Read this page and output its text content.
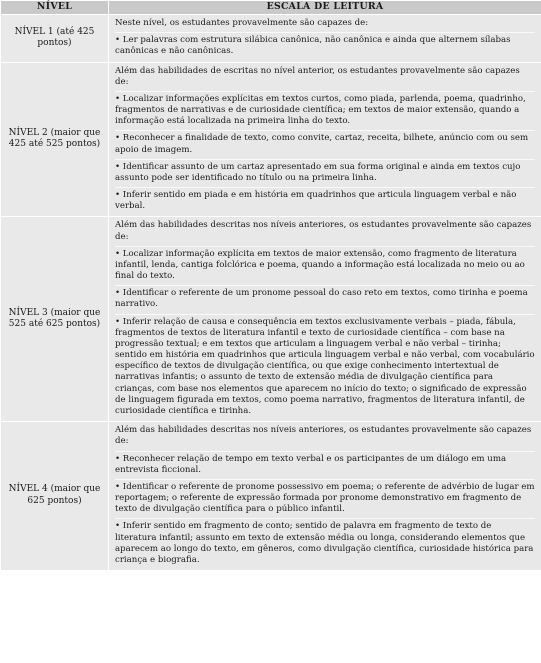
NÍVEL	ESCALA DE LEITURA
NÍVEL 1 (até 425 pontos)	Neste nível, os estudantes provavelmente são capazes de:

• Ler palavras com estrutura silábica canônica, não canônica e ainda que alternem sílabas canônicas e não canônicas.

NÍVEL 2 (maior que 425 até 525 pontos)	Além das habilidades de escritas no nível anterior, os estudantes provavelmente são capazes de:

• Localizar informações explícitas em textos curtos, como piada, parlenda, poema, quadrinho, fragmentos de narrativas e de curiosidade científica; em textos de maior extensão, quando a informação está localizada na primeira linha do texto.

• Reconhecer a finalidade de texto, como convite, cartaz, receita, bilhete, anúncio com ou sem apoio de imagem.

• Identificar assunto de um cartaz apresentado em sua forma original e ainda em textos cujo assunto pode ser identificado no título ou na primeira linha.

• Inferir sentido em piada e em história em quadrinhos que articula linguagem verbal e não verbal.

NÍVEL 3 (maior que 525 até 625 pontos)	Além das habilidades descritas nos níveis anteriores, os estudantes provavelmente são capazes de:

• Localizar informação explícita em textos de maior extensão, como fragmento de literatura infantil, lenda, cantiga folclórica e poema, quando a informação está localizada no meio ou ao final do texto.

• Identificar o referente de um pronome pessoal do caso reto em textos, como tirinha e poema narrativo.

• Inferir relação de causa e consequência em textos exclusivamente verbais – piada, fábula, fragmentos de textos de literatura infantil e texto de curiosidade científica – com base na progressão textual; e em textos que articulam a linguagem verbal e não verbal – tirinha; sentido em história em quadrinhos que articula linguagem verbal e não verbal, com vocabulário específico de textos de divulgação científica, ou que exige conhecimento intertextual de narrativas infantis; o assunto de texto de extensão média de divulgação científica para crianças, com base nos elementos que aparecem no início do texto; o significado de expressão de linguagem figurada em textos, como poema narrativo, fragmentos de literatura infantil, de curiosidade científica e tirinha.

NÍVEL 4 (maior que 625 pontos)	Além das habilidades descritas nos níveis anteriores, os estudantes provavelmente são capazes de:

• Reconhecer relação de tempo em texto verbal e os participantes de um diálogo em uma entrevista ficcional.

• Identificar o referente de pronome possessivo em poema; o referente de advérbio de lugar em reportagem; o referente de expressão formada por pronome demonstrativo em fragmento de texto de divulgação científica para o público infantil.

• Inferir sentido em fragmento de conto; sentido de palavra em fragmento de texto de literatura infantil; assunto em texto de extensão média ou longa, considerando elementos que aparecem ao longo do texto, em gêneros, como divulgação científica, curiosidade histórica para criança e biografia.
